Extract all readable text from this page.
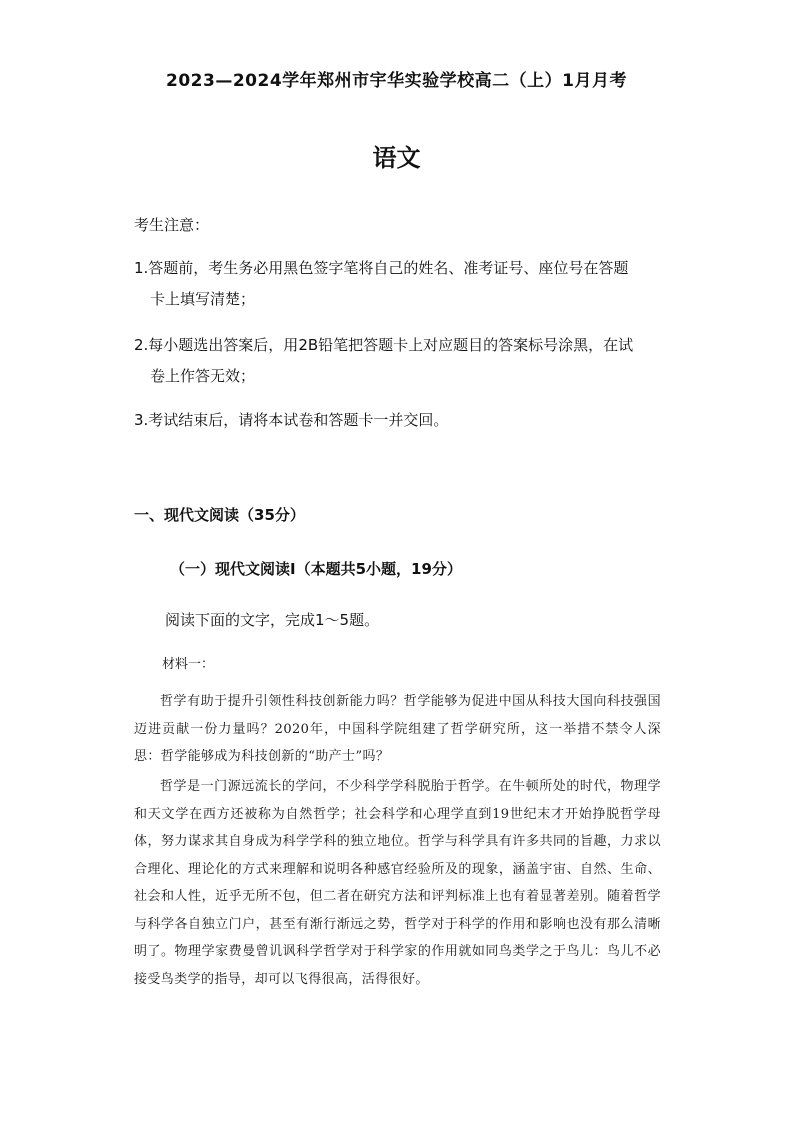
2023—2024学年郑州市宇华实验学校高二（上）1月月考
语文
考生注意：
1.答题前，考生务必用黑色签字笔将自己的姓名、准考证号、座位号在答题
卡上填写清楚；
2.每小题选出答案后，用2B铅笔把答题卡上对应题目的答案标号涂黑，在试
卷上作答无效；
3.考试结束后，请将本试卷和答题卡一并交回。
一、现代文阅读（35分）
（一）现代文阅读Ⅰ（本题共5小题，19分）
阅读下面的文字，完成1～5题。
材料一：
哲学有助于提升引领性科技创新能力吗？哲学能够为促进中国从科技大国向科技强国迈进贡献一份力量吗？2020年，中国科学院组建了哲学研究所，这一举措不禁令人深思：哲学能够成为科技创新的“助产士”吗？
哲学是一门源远流长的学问，不少科学学科脱胎于哲学。在牛顿所处的时代，物理学和天文学在西方还被称为自然哲学；社会科学和心理学直到19世纪末才开始挣脱哲学母体，努力谋求其自身成为科学学科的独立地位。哲学与科学具有许多共同的旨趣，力求以合理化、理论化的方式来理解和说明各种感官经验所及的现象，涵盖宇宙、自然、生命、社会和人性，近乎无所不包，但二者在研究方法和评判标准上也有着显著差别。随着哲学与科学各自独立门户，甚至有渐行渐远之势，哲学对于科学的作用和影响也没有那么清晰明了。物理学家费曼曾讥讽科学哲学对于科学家的作用就如同鸟类学之于鸟儿：鸟儿不必接受鸟类学的指导，却可以飞得很高，活得很好。
